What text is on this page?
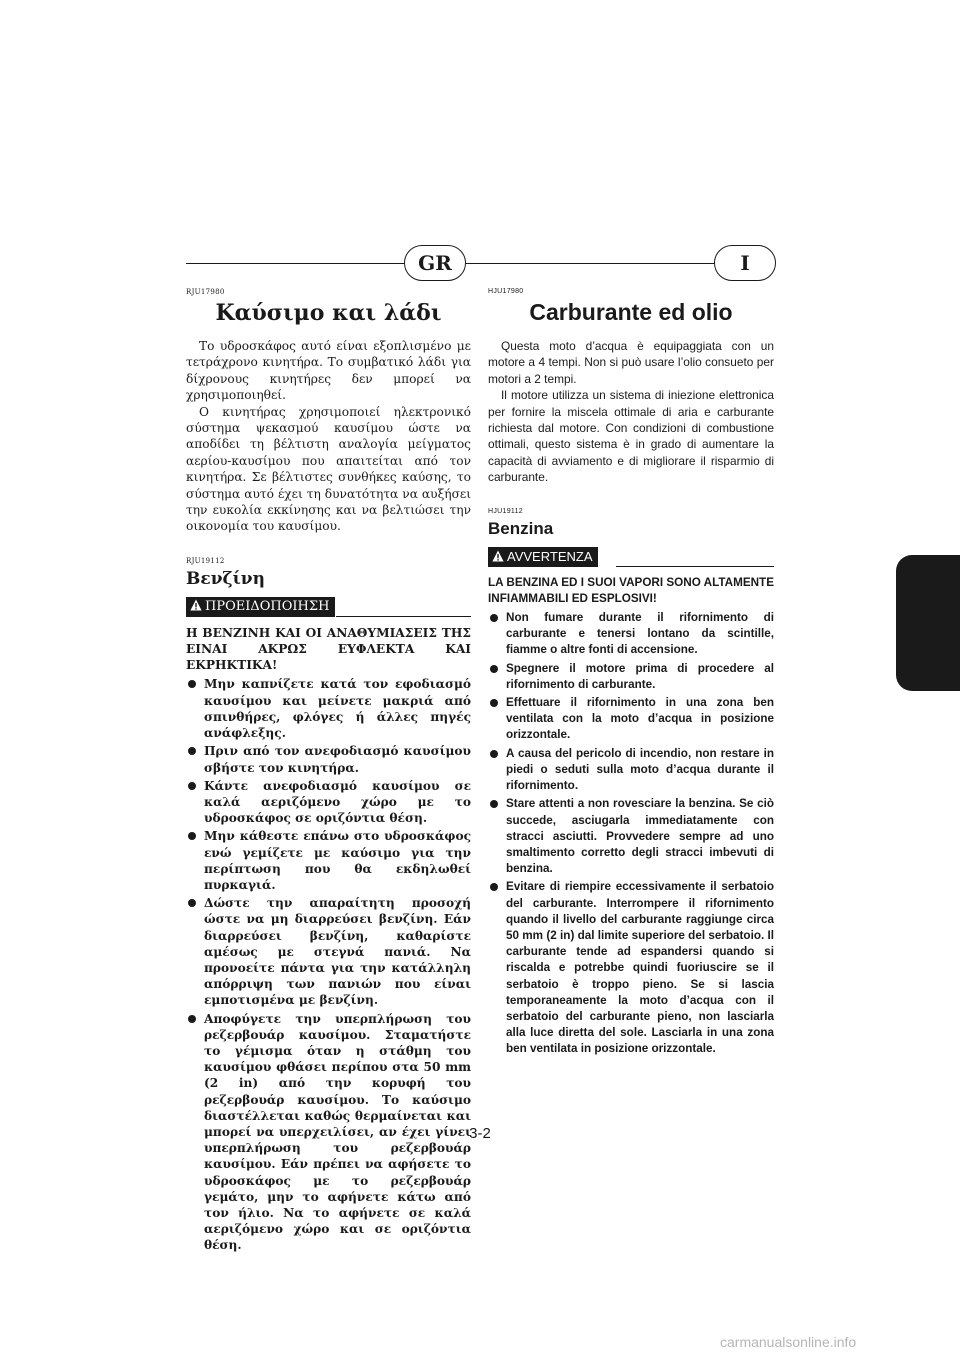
GR	I
RJU17980
Καύσιμο και λάδι

Το υδροσκάφος αυτό είναι εξοπλισμένο με τετράχρονο κινητήρα. Το συμβατικό λάδι για δίχρονους κινητήρες δεν μπορεί να χρησιμοποιηθεί.

Ο κινητήρας χρησιμοποιεί ηλεκτρονικό σύστημα ψεκασμού καυσίμου ώστε να αποδίδει τη βέλτιστη αναλογία μείγματος αερίου-καυσίμου που απαιτείται από τον κινητήρα. Σε βέλτιστες συνθήκες καύσης, το σύστημα αυτό έχει τη δυνατότητα να αυξήσει την ευκολία εκκίνησης και να βελτιώσει την οικονομία του καυσίμου.

RJU19112
Βενζίνη
ΠΡΟΕΙΔΟΠΟΙΗΣΗ
Η ΒΕΝΖΙΝΗ ΚΑΙ ΟΙ ΑΝΑΘΥΜΙΑΣΕΙΣ ΤΗΣ ΕΙΝΑΙ ΑΚΡΩΣ ΕΥΦΛΕΚΤΑ ΚΑΙ ΕΚΡΗΚΤΙΚΑ!
Μην καπνίζετε κατά τον εφοδιασμό καυσίμου και μείνετε μακριά από σπινθήρες, φλόγες ή άλλες πηγές ανάφλεξης.
Πριν από τον ανεφοδιασμό καυσίμου σβήστε τον κινητήρα.
Κάντε ανεφοδιασμό καυσίμου σε καλά αεριζόμενο χώρο με το υδροσκάφος σε οριζόντια θέση.
Μην κάθεστε επάνω στο υδροσκάφος ενώ γεμίζετε με καύσιμο για την περίπτωση που θα εκδηλωθεί πυρκαγιά.
Δώστε την απαραίτητη προσοχή ώστε να μη διαρρεύσει βενζίνη. Εάν διαρρεύσει βενζίνη, καθαρίστε αμέσως με στεγνά πανιά. Να προνοείτε πάντα για την κατάλληλη απόρριψη των πανιών που είναι εμποτισμένα με βενζίνη.
Αποφύγετε την υπερπλήρωση του ρεζερβουάρ καυσίμου. Σταματήστε το γέμισμα όταν η στάθμη του καυσίμου φθάσει περίπου στα 50 mm (2 in) από την κορυφή του ρεζερβουάρ καυσίμου. Το καύσιμο διαστέλλεται καθώς θερμαίνεται και μπορεί να υπερχειλίσει, αν έχει γίνει υπερπλήρωση του ρεζερβουάρ καυσίμου. Εάν πρέπει να αφήσετε το υδροσκάφος με το ρεζερβουάρ γεμάτο, μην το αφήνετε κάτω από τον ήλιο. Να το αφήνετε σε καλά αεριζόμενο χώρο και σε οριζόντια θέση.
HJU17980
Carburante ed olio

Questa moto d’acqua è equipaggiata con un motore a 4 tempi. Non si può usare l’olio consueto per motori a 2 tempi.

Il motore utilizza un sistema di iniezione elettronica per fornire la miscela ottimale di aria e carburante richiesta dal motore. Con condizioni di combustione ottimali, questo sistema è in grado di aumentare la capacità di avviamento e di migliorare il risparmio di carburante.

HJU19112
Benzina
AVVERTENZA
LA BENZINA ED I SUOI VAPORI SONO ALTAMENTE INFIAMMABILI ED ESPLOSIVI!
Non fumare durante il rifornimento di carburante e tenersi lontano da scintille, fiamme o altre fonti di accensione.
Spegnere il motore prima di procedere al rifornimento di carburante.
Effettuare il rifornimento in una zona ben ventilata con la moto d’acqua in posizione orizzontale.
A causa del pericolo di incendio, non restare in piedi o seduti sulla moto d’acqua durante il rifornimento.
Stare attenti a non rovesciare la benzina. Se ciò succede, asciugarla immediatamente con stracci asciutti. Provvedere sempre ad uno smaltimento corretto degli stracci imbevuti di benzina.
Evitare di riempire eccessivamente il serbatoio del carburante. Interrompere il rifornimento quando il livello del carburante raggiunge circa 50 mm (2 in) dal limite superiore del serbatoio. Il carburante tende ad espandersi quando si riscalda e potrebbe quindi fuoriuscire se il serbatoio è troppo pieno. Se si lascia temporaneamente la moto d’acqua con il serbatoio del carburante pieno, non lasciarla alla luce diretta del sole. Lasciarla in una zona ben ventilata in posizione orizzontale.
3-2
carmanualsonline.info
